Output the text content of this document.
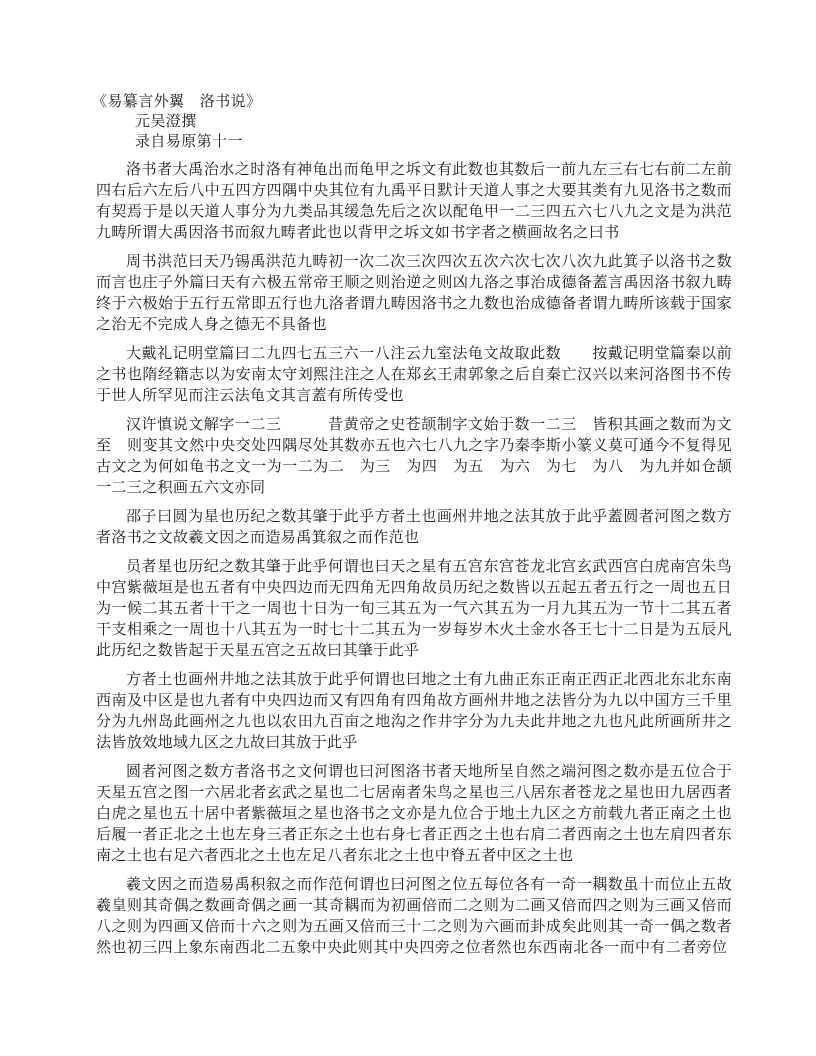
《易纂言外翼　洛书说》
元吴澄撰
录自易原第十一

洛书者大禹治水之时洛有神龟出而龟甲之坼文有此数也其数后一前九左三右七右前二左前四右后六左后八中五四方四隅中央其位有九禹平日默计天道人事之大要其类有九见洛书之数而有契焉于是以天道人事分为九类品其缓急先后之次以配龟甲一二三四五六七八九之文是为洪范九畴所谓大禹因洛书而叙九畴者此也以背甲之坼文如书字者之横画故名之曰书

周书洪范曰天乃锡禹洪范九畴初一次二次三次四次五次六次七次八次九此箕子以洛书之数而言也庄子外篇曰天有六极五常帝王顺之则治逆之则凶九洛之事治成德备蓋言禹因洛书叙九畴终于六极始于五行五常即五行也九洛者谓九畴因洛书之九数也治成德备者谓九畴所该载于国家之治无不完成人身之德无不具备也

大戴礼记明堂篇曰二九四七五三六一八注云九室法龟文故取此数　　按戴记明堂篇秦以前之书也隋经籍志以为安南太守刘熙注注之人在郑玄王肃郭象之后自秦亡汉兴以来河洛图书不传于世人所罕见而注云法龟文其言蓋有所传受也

汉许慎说文解字一二三　　　昔黄帝之史苍颉制字文始于数一二三　皆积其画之数而为文至　则变其文然中央交处四隅尽处其数亦五也六七八九之字乃秦李斯小篆义莫可通今不复得见古文之为何如龟书之文一为一二为二　为三　为四　为五　为六　为七　为八　为九并如仓颉一二三之积画五六文亦同

邵子曰圆为星也历纪之数其肇于此乎方者土也画州井地之法其放于此乎蓋圆者河图之数方者洛书之文故羲文因之而造易禹箕叙之而作范也

员者星也历纪之数其肇于此乎何谓也曰天之星有五宫东宫苍龙北宫玄武西宫白虎南宫朱鸟中宫紫薇垣是也五者有中央四边而无四角无四角故员历纪之数皆以五起五者五行之一周也五日为一候二其五者十干之一周也十日为一旬三其五为一气六其五为一月九其五为一节十二其五者干支相乘之一周也十八其五为一时七十二其五为一岁每岁木火土金水各王七十二日是为五辰凡此历纪之数皆起于天星五宫之五故曰其肇于此乎

方者土也画州井地之法其放于此乎何谓也曰地之土有九曲正东正南正西正北西北东北东南西南及中区是也九者有中央四边而又有四角有四角故方画州井地之法皆分为九以中国方三千里分为九州岛此画州之九也以农田九百亩之地沟之作井字分为九夫此井地之九也凡此所画所井之法皆放效地域九区之九故曰其放于此乎

圆者河图之数方者洛书之文何谓也曰河图洛书者天地所呈自然之端河图之数亦是五位合于天星五宫之图一六居北者玄武之星也二七居南者朱鸟之星也三八居东者苍龙之星也田九居西者白虎之星也五十居中者紫薇垣之星也洛书之文亦是九位合于地土九区之方前载九者正南之土也后履一者正北之土也左身三者正东之土也右身七者正西之土也右肩二者西南之土也左肩四者东南之土也右足六者西北之土也左足八者东北之土也中脊五者中区之土也

羲文因之而造易禹积叙之而作范何谓也曰河图之位五每位各有一奇一耦数虽十而位止五故羲皇则其奇偶之数画奇偶之画一其奇耦而为初画倍而二之则为二画又倍而四之则为三画又倍而八之则为四画又倍而十六之则为五画又倍而三十二之则为六画而卦成矣此则其一奇一偶之数者然也初三四上象东南西北二五象中央此则其中央四旁之位者然也东西南北各一而中有二者旁位
